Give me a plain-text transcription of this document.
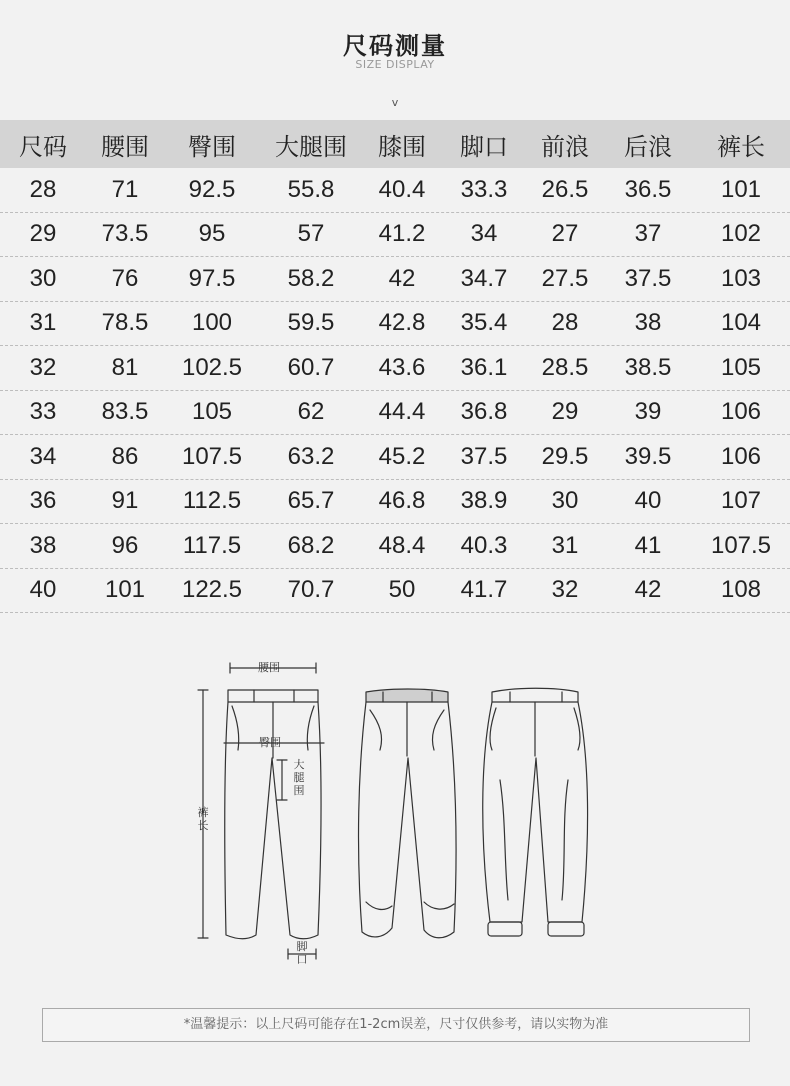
尺码测量
SIZE DISPLAY
v
尺码	腰围	臀围	大腿围	膝围	脚口	前浪	后浪	裤长
28	71	92.5	55.8	40.4	33.3	26.5	36.5	101
29	73.5	95	57	41.2	34	27	37	102
30	76	97.5	58.2	42	34.7	27.5	37.5	103
31	78.5	100	59.5	42.8	35.4	28	38	104
32	81	102.5	60.7	43.6	36.1	28.5	38.5	105
33	83.5	105	62	44.4	36.8	29	39	106
34	86	107.5	63.2	45.2	37.5	29.5	39.5	106
36	91	112.5	65.7	46.8	38.9	30	40	107
38	96	117.5	68.2	48.4	40.3	31	41	107.5
40	101	122.5	70.7	50	41.7	32	42	108
腰围
臀围
大腿围
裤长
脚口
*温馨提示：以上尺码可能存在1-2cm误差，尺寸仅供参考，请以实物为准
